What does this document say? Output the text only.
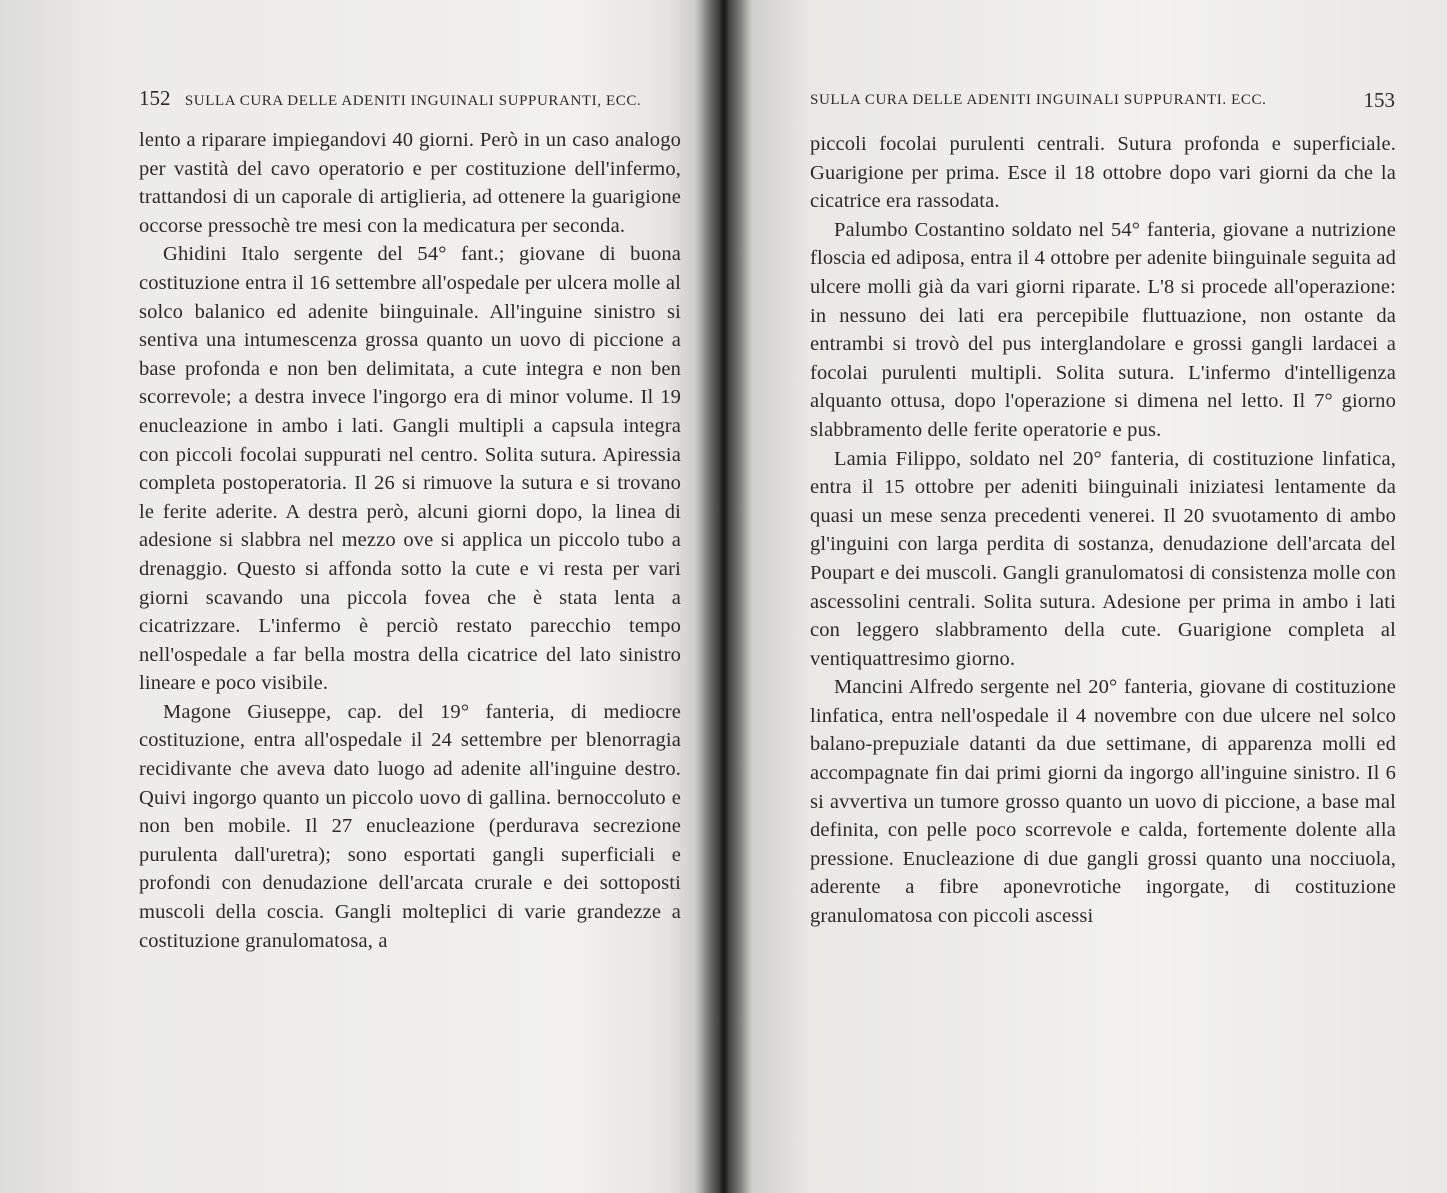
152 SULLA CURA DELLE ADENITI INGUINALI SUPPURANTI, ECC.

lento a riparare impiegandovi 40 giorni. Però in un caso analogo per vastità del cavo operatorio e per costituzione dell'infermo, trattandosi di un caporale di artiglieria, ad ottenere la guarigione occorse pressochè tre mesi con la medicatura per seconda.

Ghidini Italo sergente del 54° fant.; giovane di buona costituzione entra il 16 settembre all'ospedale per ulcera molle al solco balanico ed adenite biinguinale. All'inguine sinistro si sentiva una intumescenza grossa quanto un uovo di piccione a base profonda e non ben delimitata, a cute integra e non ben scorrevole; a destra invece l'ingorgo era di minor volume. Il 19 enucleazione in ambo i lati. Gangli multipli a capsula integra con piccoli focolai suppurati nel centro. Solita sutura. Apiressia completa postoperatoria. Il 26 si rimuove la sutura e si trovano le ferite aderite. A destra però, alcuni giorni dopo, la linea di adesione si slabbra nel mezzo ove si applica un piccolo tubo a drenaggio. Questo si affonda sotto la cute e vi resta per vari giorni scavando una piccola fovea che è stata lenta a cicatrizzare. L'infermo è perciò restato parecchio tempo nell'ospedale a far bella mostra della cicatrice del lato sinistro lineare e poco visibile.

Magone Giuseppe, cap. del 19° fanteria, di mediocre costituzione, entra all'ospedale il 24 settembre per blenorragia recidivante che aveva dato luogo ad adenite all'inguine destro. Quivi ingorgo quanto un piccolo uovo di gallina. bernoccoluto e non ben mobile. Il 27 enucleazione (perdurava secrezione purulenta dall'uretra); sono esportati gangli superficiali e profondi con denudazione dell'arcata crurale e dei sottoposti muscoli della coscia. Gangli molteplici di varie grandezze a costituzione granulomatosa, a

153
SULLA CURA DELLE ADENITI INGUINALI SUPPURANTI. ECC.

piccoli focolai purulenti centrali. Sutura profonda e superficiale. Guarigione per prima. Esce il 18 ottobre dopo vari giorni da che la cicatrice era rassodata.

Palumbo Costantino soldato nel 54° fanteria, giovane a nutrizione floscia ed adiposa, entra il 4 ottobre per adenite biinguinale seguita ad ulcere molli già da vari giorni riparate. L'8 si procede all'operazione: in nessuno dei lati era percepibile fluttuazione, non ostante da entrambi si trovò del pus interglandolare e grossi gangli lardacei a focolai purulenti multipli. Solita sutura. L'infermo d'intelligenza alquanto ottusa, dopo l'operazione si dimena nel letto. Il 7° giorno slabbramento delle ferite operatorie e pus.

Lamia Filippo, soldato nel 20° fanteria, di costituzione linfatica, entra il 15 ottobre per adeniti biinguinali iniziatesi lentamente da quasi un mese senza precedenti venerei. Il 20 svuotamento di ambo gl'inguini con larga perdita di sostanza, denudazione dell'arcata del Poupart e dei muscoli. Gangli granulomatosi di consistenza molle con ascessolini centrali. Solita sutura. Adesione per prima in ambo i lati con leggero slabbramento della cute. Guarigione completa al ventiquattresimo giorno.

Mancini Alfredo sergente nel 20° fanteria, giovane di costituzione linfatica, entra nell'ospedale il 4 novembre con due ulcere nel solco balano-prepuziale datanti da due settimane, di apparenza molli ed accompagnate fin dai primi giorni da ingorgo all'inguine sinistro. Il 6 si avvertiva un tumore grosso quanto un uovo di piccione, a base mal definita, con pelle poco scorrevole e calda, fortemente dolente alla pressione. Enucleazione di due gangli grossi quanto una nocciuola, aderente a fibre aponevrotiche ingorgate, di costituzione granulomatosa con piccoli ascessi
